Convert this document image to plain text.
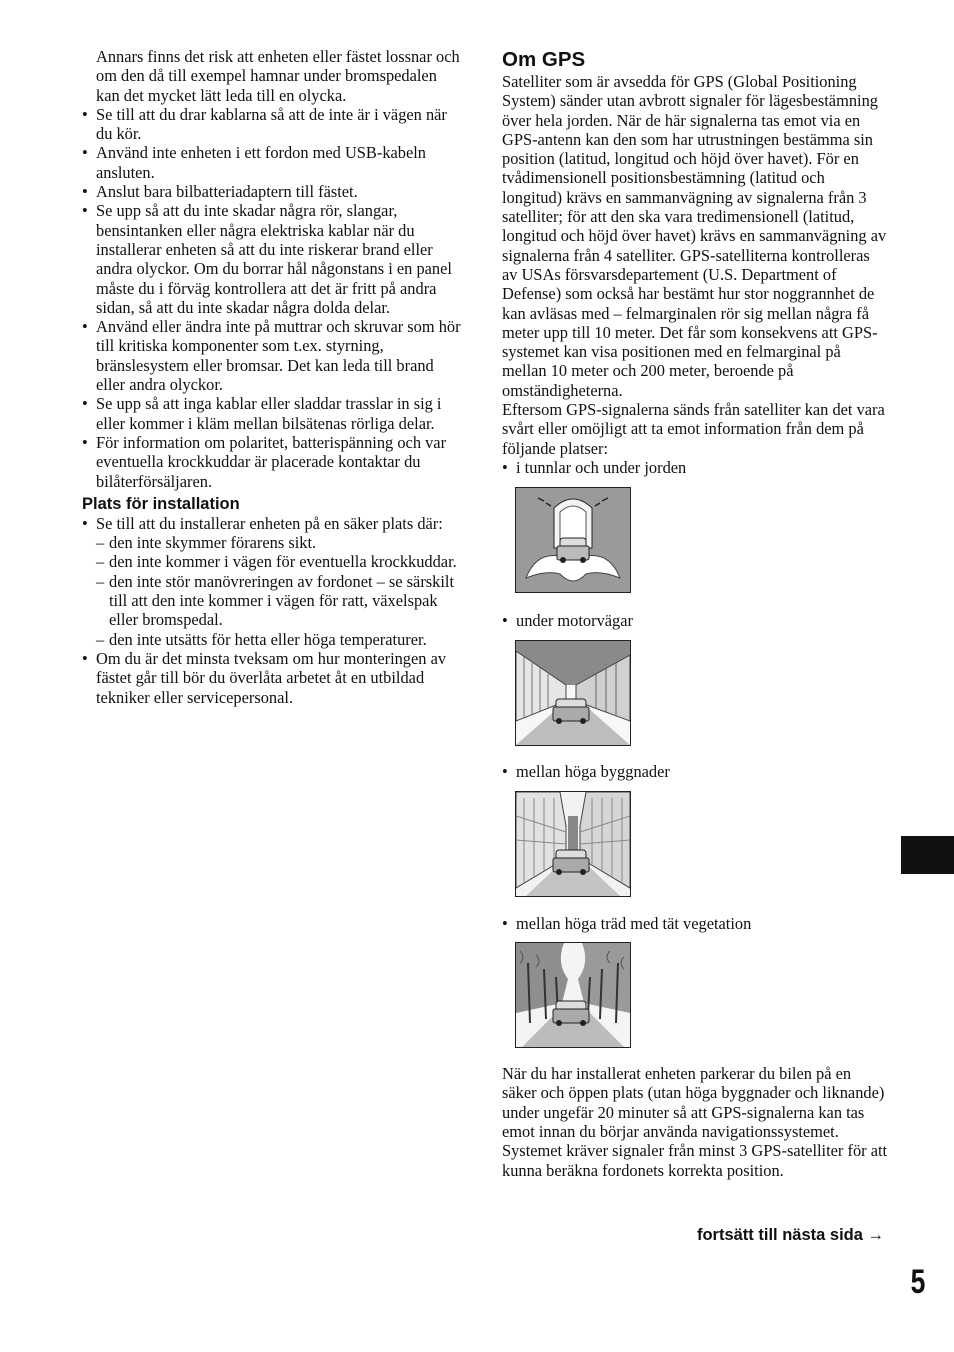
Annars finns det risk att enheten eller fästet lossnar och om den då till exempel hamnar under bromspedalen kan det mycket lätt leda till en olycka.

• Se till att du drar kablarna så att de inte är i vägen när du kör.
• Använd inte enheten i ett fordon med USB-kabeln ansluten.
• Anslut bara bilbatteriadaptern till fästet.
• Se upp så att du inte skadar några rör, slangar, bensintanken eller några elektriska kablar när du installerar enheten så att du inte riskerar brand eller andra olyckor. Om du borrar hål någonstans i en panel måste du i förväg kontrollera att det är fritt på andra sidan, så att du inte skadar några dolda delar.
• Använd eller ändra inte på muttrar och skruvar som hör till kritiska komponenter som t.ex. styrning, bränslesystem eller bromsar. Det kan leda till brand eller andra olyckor.
• Se upp så att inga kablar eller sladdar trasslar in sig i eller kommer i kläm mellan bilsätenas rörliga delar.
• För information om polaritet, batterispänning och var eventuella krockkuddar är placerade kontaktar du bilåterförsäljaren.
Plats för installation
• Se till att du installerar enheten på en säker plats där:
– den inte skymmer förarens sikt.
– den inte kommer i vägen för eventuella krockkuddar.
– den inte stör manövreringen av fordonet – se särskilt till att den inte kommer i vägen för ratt, växelspak eller bromspedal.
– den inte utsätts för hetta eller höga temperaturer.
• Om du är det minsta tveksam om hur monteringen av fästet går till bör du överlåta arbetet åt en utbildad tekniker eller servicepersonal.
Om GPS

Satelliter som är avsedda för GPS (Global Positioning System) sänder utan avbrott signaler för lägesbestämning över hela jorden. När de här signalerna tas emot via en GPS-antenn kan den som har utrustningen bestämma sin position (latitud, longitud och höjd över havet). För en tvådimensionell positionsbestämning (latitud och longitud) krävs en sammanvägning av signalerna från 3 satelliter; för att den ska vara tredimensionell (latitud, longitud och höjd över havet) krävs en sammanvägning av signalerna från 4 satelliter. GPS-satelliterna kontrolleras av USAs försvarsdepartement (U.S. Department of Defense) som också har bestämt hur stor noggrannhet de kan avläsas med – felmarginalen rör sig mellan några få meter upp till 10 meter. Det får som konsekvens att GPS-systemet kan visa positionen med en felmarginal på mellan 10 meter och 200 meter, beroende på omständigheterna.

Eftersom GPS-signalerna sänds från satelliter kan det vara svårt eller omöjligt att ta emot information från dem på följande platser:

• i tunnlar och under jorden
• under motorvägar
• mellan höga byggnader
• mellan höga träd med tät vegetation

När du har installerat enheten parkerar du bilen på en säker och öppen plats (utan höga byggnader och liknande) under ungefär 20 minuter så att GPS-signalerna kan tas emot innan du börjar använda navigationssystemet. Systemet kräver signaler från minst 3 GPS-satelliter för att kunna beräkna fordonets korrekta position.

fortsätt till nästa sida →
5
